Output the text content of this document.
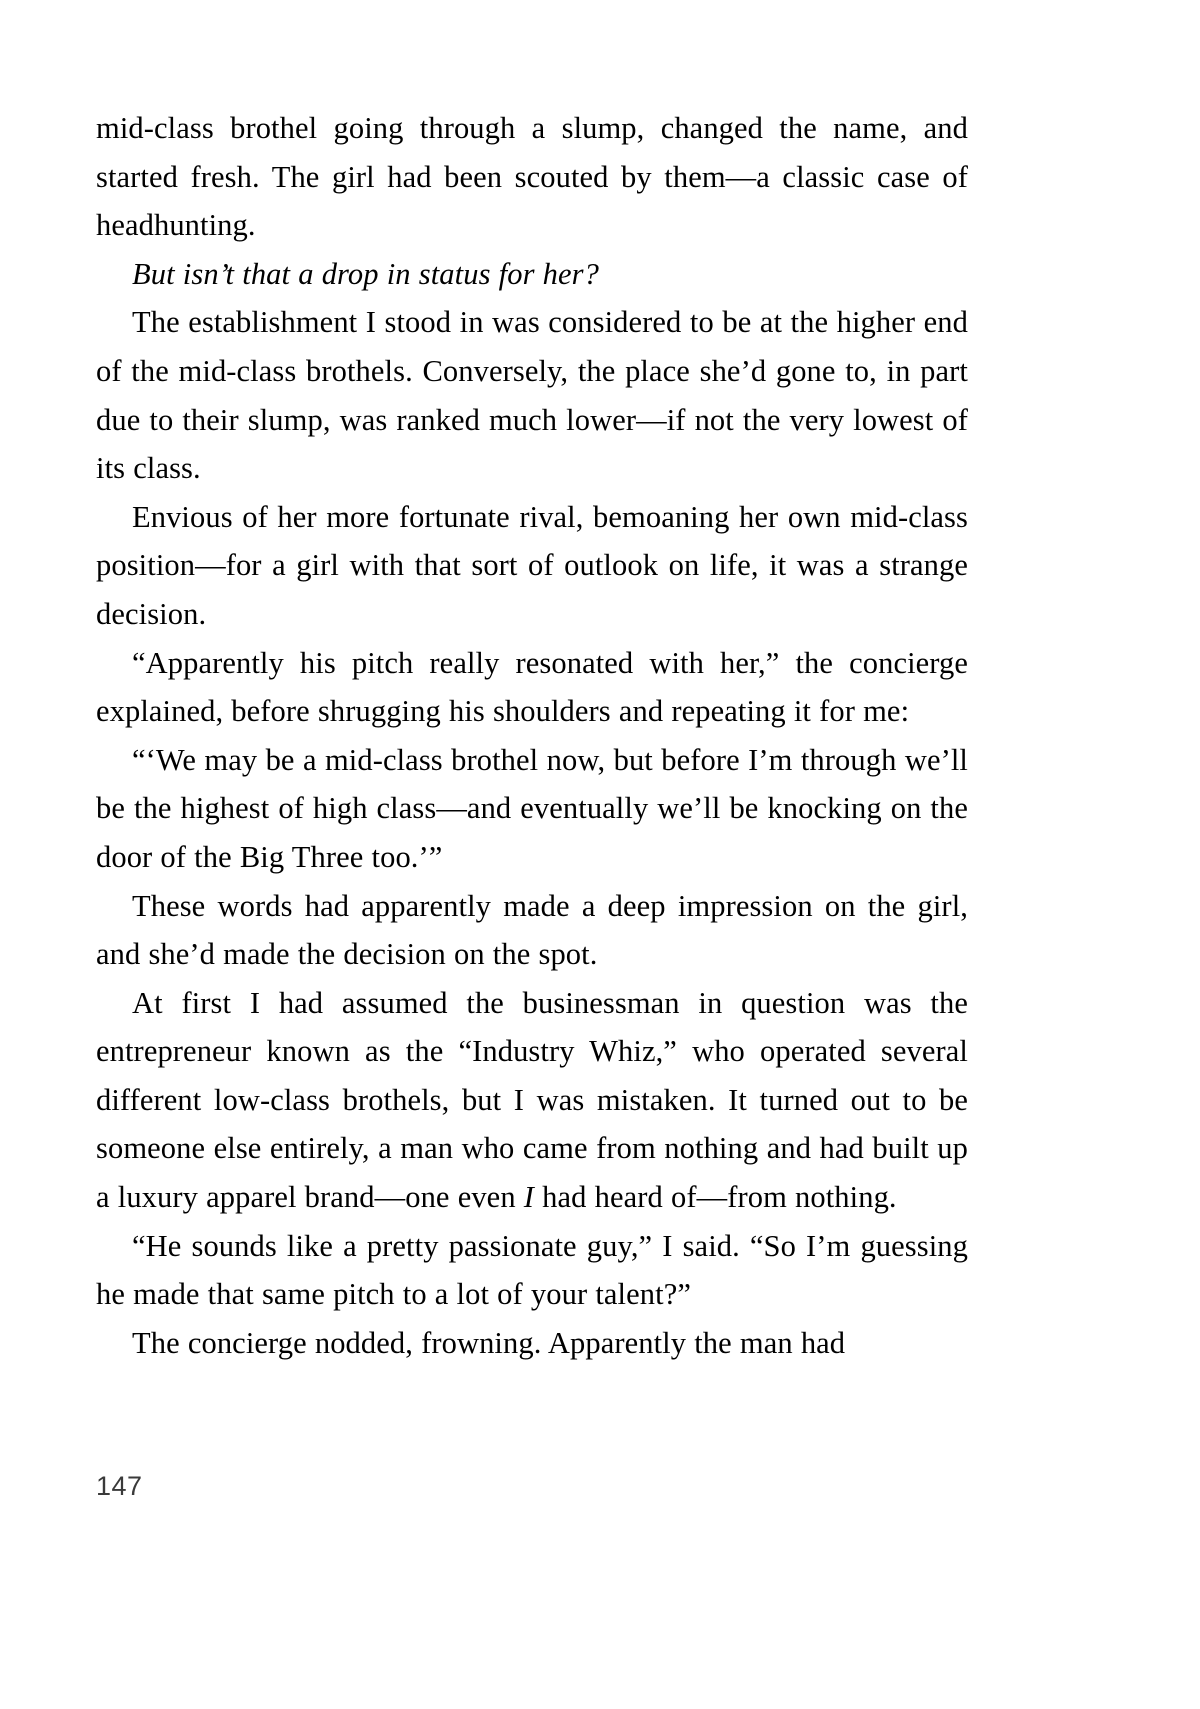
mid-class brothel going through a slump, changed the name, and started fresh. The girl had been scouted by them—a classic case of headhunting.

But isn’t that a drop in status for her?

The establishment I stood in was considered to be at the higher end of the mid-class brothels. Conversely, the place she’d gone to, in part due to their slump, was ranked much lower—if not the very lowest of its class.

Envious of her more fortunate rival, bemoaning her own mid-class position—for a girl with that sort of outlook on life, it was a strange decision.

“Apparently his pitch really resonated with her,” the concierge explained, before shrugging his shoulders and repeating it for me:

“‘We may be a mid-class brothel now, but before I’m through we’ll be the highest of high class—and eventually we’ll be knocking on the door of the Big Three too.’”

These words had apparently made a deep impression on the girl, and she’d made the decision on the spot.

At first I had assumed the businessman in question was the entrepreneur known as the “Industry Whiz,” who operated several different low-class brothels, but I was mistaken. It turned out to be someone else entirely, a man who came from nothing and had built up a luxury apparel brand—one even I had heard of—from nothing.

“He sounds like a pretty passionate guy,” I said. “So I’m guessing he made that same pitch to a lot of your talent?”

The concierge nodded, frowning. Apparently the man had

147
